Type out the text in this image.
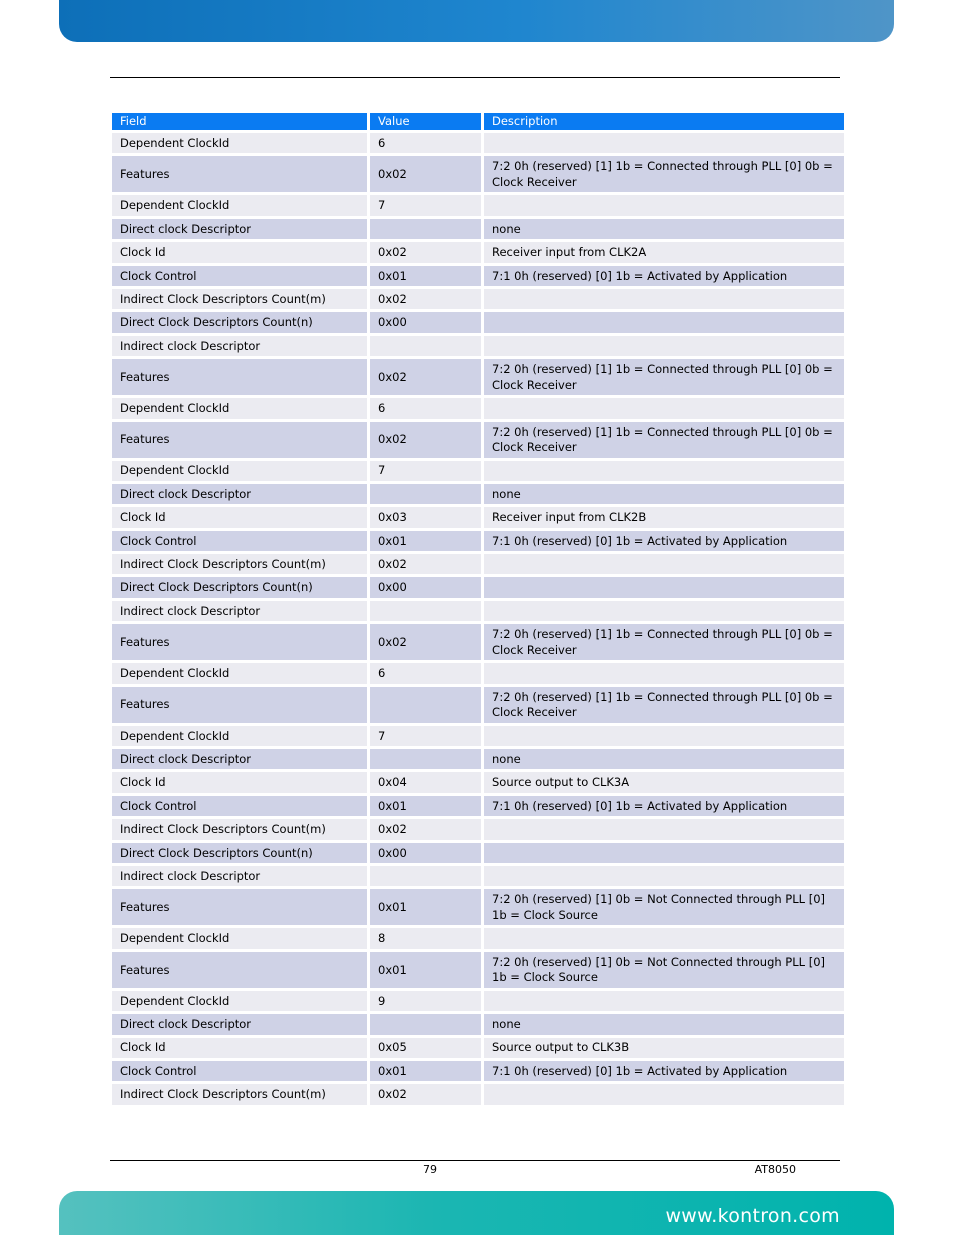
Field	Value	Description
Dependent ClockId	6	
Features	0x02	7:2 0h (reserved) [1] 1b = Connected through PLL [0] 0b = Clock Receiver
Dependent ClockId	7	
Direct clock Descriptor		none
Clock Id	0x02	Receiver input from CLK2A
Clock Control	0x01	7:1 0h (reserved) [0] 1b = Activated by Application
Indirect Clock Descriptors Count(m)	0x02	
Direct Clock Descriptors Count(n)	0x00	
Indirect clock Descriptor		
Features	0x02	7:2 0h (reserved) [1] 1b = Connected through PLL [0] 0b = Clock Receiver
Dependent ClockId	6	
Features	0x02	7:2 0h (reserved) [1] 1b = Connected through PLL [0] 0b = Clock Receiver
Dependent ClockId	7	
Direct clock Descriptor		none
Clock Id	0x03	Receiver input from CLK2B
Clock Control	0x01	7:1 0h (reserved) [0] 1b = Activated by Application
Indirect Clock Descriptors Count(m)	0x02	
Direct Clock Descriptors Count(n)	0x00	
Indirect clock Descriptor		
Features	0x02	7:2 0h (reserved) [1] 1b = Connected through PLL [0] 0b = Clock Receiver
Dependent ClockId	6	
Features		7:2 0h (reserved) [1] 1b = Connected through PLL [0] 0b = Clock Receiver
Dependent ClockId	7	
Direct clock Descriptor		none
Clock Id	0x04	Source output to CLK3A
Clock Control	0x01	7:1 0h (reserved) [0] 1b = Activated by Application
Indirect Clock Descriptors Count(m)	0x02	
Direct Clock Descriptors Count(n)	0x00	
Indirect clock Descriptor		
Features	0x01	7:2 0h (reserved) [1] 0b = Not Connected through PLL [0] 1b = Clock Source
Dependent ClockId	8	
Features	0x01	7:2 0h (reserved) [1] 0b = Not Connected through PLL [0] 1b = Clock Source
Dependent ClockId	9	
Direct clock Descriptor		none
Clock Id	0x05	Source output to CLK3B
Clock Control	0x01	7:1 0h (reserved) [0] 1b = Activated by Application
Indirect Clock Descriptors Count(m)	0x02	
79	AT8050
www.kontron.com
